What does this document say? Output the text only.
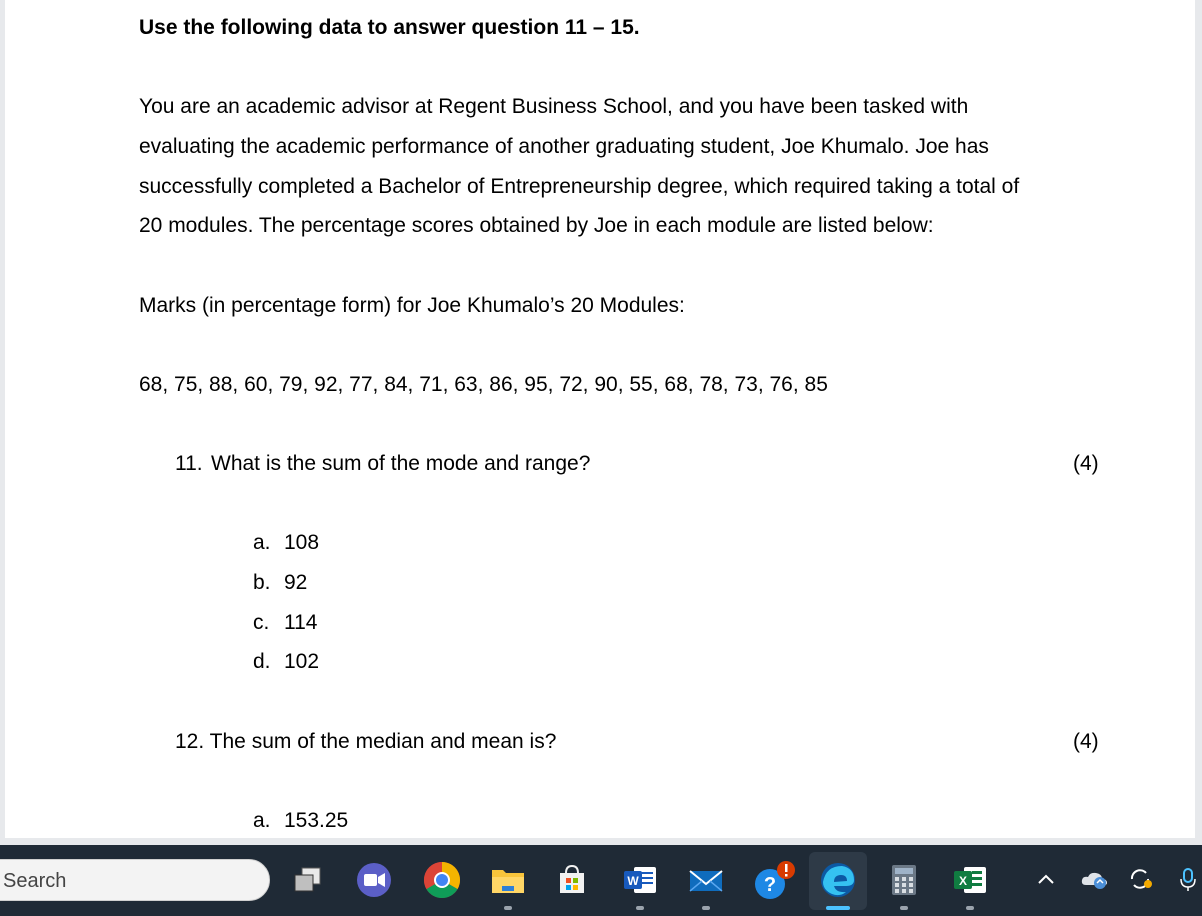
Use the following data to answer question 11 – 15.
You are an academic advisor at Regent Business School, and you have been tasked with
evaluating the academic performance of another graduating student, Joe Khumalo. Joe has
successfully completed a Bachelor of Entrepreneurship degree, which required taking a total of
20 modules. The percentage scores obtained by Joe in each module are listed below:
Marks (in percentage form) for Joe Khumalo’s 20 Modules:
68, 75, 88, 60, 79, 92, 77, 84, 71, 63, 86, 95, 72, 90, 55, 68, 78, 73, 76, 85
11. What is the sum of the mode and range?	(4)
a. 108
b. 92
c. 114
d. 102
12. The sum of the median and mean is?	(4)
a. 153.25
Search	W	?	X
